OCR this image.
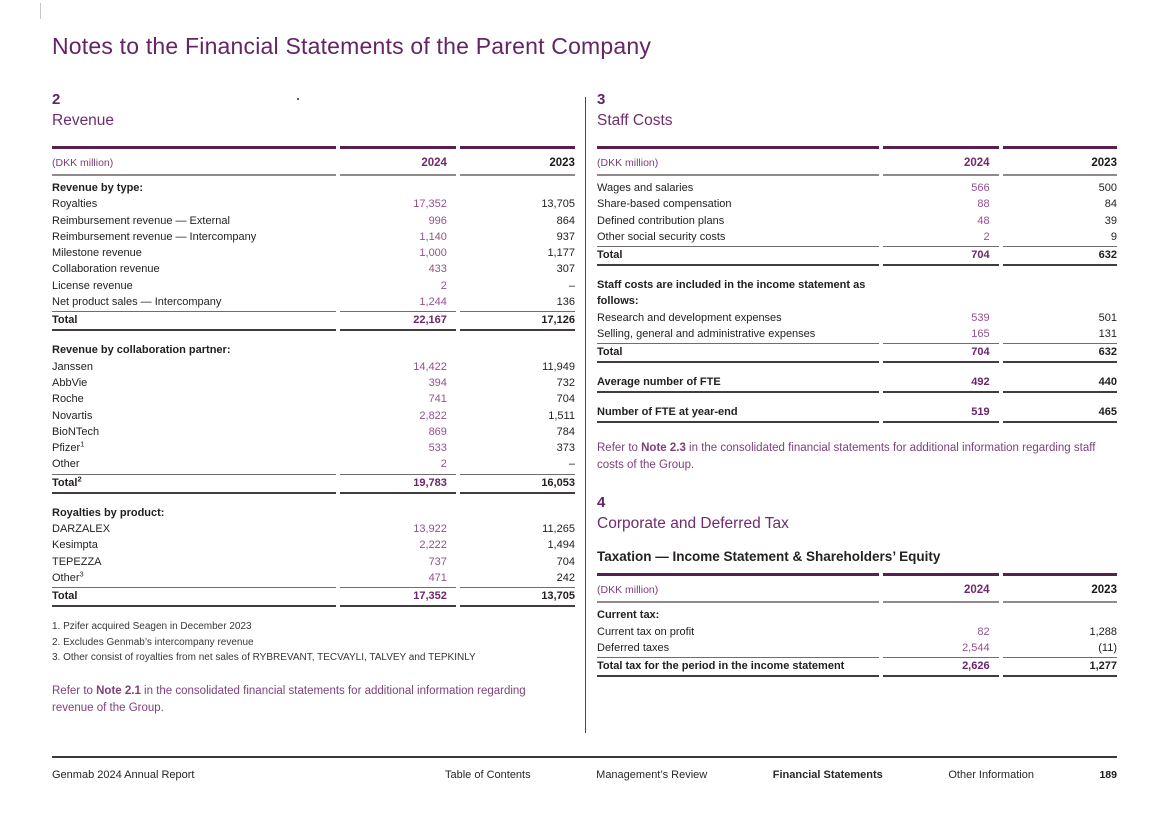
Notes to the Financial Statements of the Parent Company
2
Revenue
(DKK million)	2024	2023
Revenue by type:
Royalties	17,352	13,705
Reimbursement revenue — External	996	864
Reimbursement revenue — Intercompany	1,140	937
Milestone revenue	1,000	1,177
Collaboration revenue	433	307
License revenue	2	–
Net product sales — Intercompany	1,244	136
Total	22,167	17,126
Revenue by collaboration partner:
Janssen	14,422	11,949
AbbVie	394	732
Roche	741	704
Novartis	2,822	1,511
BioNTech	869	784
Pfizer$^1$	533	373
Other	2	–
Total$^2$	19,783	16,053
Royalties by product:
DARZALEX	13,922	11,265
Kesimpta	2,222	1,494
TEPEZZA	737	704
Other$^3$	471	242
Total	17,352	13,705
1. Pzifer acquired Seagen in December 2023
2. Excludes Genmab’s intercompany revenue
3. Other consist of royalties from net sales of RYBREVANT, TECVAYLI, TALVEY and TEPKINLY

Refer to Note 2.1 in the consolidated financial statements for additional information regarding revenue of the Group.

3
Staff Costs
(DKK million)	2024	2023
Wages and salaries	566	500
Share-based compensation	88	84
Defined contribution plans	48	39
Other social security costs	2	9
Total	704	632
Staff costs are included in the income statement as follows:
Research and development expenses	539	501
Selling, general and administrative expenses	165	131
Total	704	632
Average number of FTE	492	440
Number of FTE at year-end	519	465

Refer to Note 2.3 in the consolidated financial statements for additional information regarding staff costs of the Group.

4
Corporate and Deferred Tax
Taxation — Income Statement & Shareholders’ Equity
(DKK million)	2024	2023
Current tax:
Current tax on profit	82	1,288
Deferred taxes	2,544	(11)
Total tax for the period in the income statement	2,626	1,277
Genmab 2024 Annual Report	Table of Contents	Management’s Review	Financial Statements	Other Information	189
